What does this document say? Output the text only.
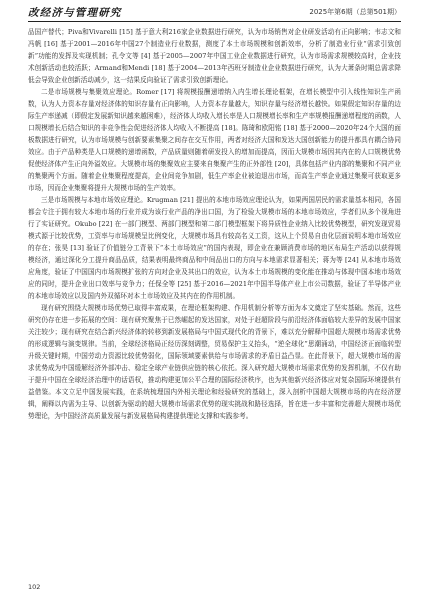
改经济与管理研究	2025年第6期（总第501期）

品国产替代；Piva和Vivarelli [15] 基于意大利216家企业数据进行研究，认为市场销售对企业研发活动有正向影响；韦志文和冯帆 [16] 基于2001—2016年中国27个制造业行业数据，测度了本土市场规模和创新效率，分析了制造业行业“需求引致创新”功能的发挥及实现机制；孔令文等 [4] 基于2005—2007年中国工业企业数据进行研究，认为市场需求规模较高时，企业技术创新活动也较活跃；Armand和Mendi [18] 基于2004—2013年西班牙制造业企业数据进行研究，认为大萧条时期总需求降低会导致企业创新活动减少，这一结果反向验证了需求引致创新理论。

二是市场规模与集聚效应理论。Romer [17] 将规模报酬递增纳入内生增长理论框架，在增长模型中引入线性知识生产函数，认为人力资本存量对经济体的知识存量有正向影响，人力资本存量越大，知识存量与经济增长越快。如果假定知识存量的边际生产率递减（即假定发展新知识越来越困难），经济体人均收入增长率是人口规模增长率和生产率规模报酬递增程度的函数，人口规模增长后结合知识的非竞争性会促进经济体人均收入不断提高 [18]。陈琦和欧阳铭 [18] 基于2000—2020年24个大国的面板数据进行研究，认为市场规模与创新要素集聚之间存在交互作用，两者对经济大国和发达大国创新能力的提升都具有耦合协同效应。由于产品种类是人口规模的递增函数，产品质量则随着研发投入的增加而提高，因而大规模市场因其内在的人口规模优势促使经济体产生正向外溢效应。大规模市场的集聚效应主要来自集聚产生的正外部性 [20]，具体包括产业内部的集聚和不同产业的集聚两个方面。随着企业集聚程度提高，企业间竞争加剧，低生产率企业被迫退出市场，而高生产率企业通过集聚可获取更多市场，因而企业集聚将提升大规模市场的生产效率。

三是市场规模与本地市场效应理论。Krugman [21] 提出的本地市场效应理论认为，如果两国居民的需求量基本相同，各国都会专注于拥有较大本地市场的行业并成为该行业产品的净出口国，为了检验大规模市场的本地市场效应，学者们从多个视角进行了实证研究。Okubo [22] 在一部门模型、两部门模型和第二部门模型框架下将异质性企业纳入比较优势模型，研究发现贸易模式源于比较优势，工资率与市场规模呈比例变化，大规模市场具有较高名义工资，这从上个贸易自由化层面说明本地市场效应的存在；张昊 [13] 验证了价值链分工背景下“本土市场效应”的国内表现，即企业在兼顾消费市场的地区布局生产活动以获得规模经济，通过深化分工提升商品品质，结果表明最终商品和中间品出口的方向与本地需求显著相关；蒋为等 [24] 从本地市场效应角度，验证了中国国内市场规模扩张的方向对企业及其出口的效应，认为本土市场规模的变化能在推动与体现中国本地市场效应的同时，提升企业出口效率与竞争力；任保全等 [25] 基于2016—2021年中国半导体产业上市公司数据，验证了半导体产业的本地市场效应以及国内外双循环对本土市场效应及其内在的作用机制。

现有研究围绕大规模市场优势已取得丰富成果，在理论框架构建、作用机制分析等方面为本文奠定了坚实基础。然而，这些研究仍存在进一步拓展的空间：现有研究聚焦于已然崛起的发达国家，对处于赶超阶段与前沿经济体面临较大差异的发展中国家关注较少；现有研究在结合新兴经济体的转移到新发展格局与中国式现代化的背景下，难以充分解释中国超大规模市场需求优势的形成逻辑与演变规律。当前，全球经济格局正经历深刻调整，贸易保护主义抬头，“逆全球化”思潮涌动，中国经济正面临转型升级关键时期，中国劳动力资源比较优势弱化，国际领域要素供给与市场需求的矛盾日益凸显。在此背景下，超大规模市场的需求优势成为中国缓解经济外部冲击、稳定全球产业链供应链的核心依托。深入研究超大规模市场需求优势的发挥机制，不仅有助于提升中国在全球经济治理中的话语权，推动构建更加公平合理的国际经济秩序，也为其他新兴经济体应对复杂国际环境提供有益借鉴。本文立足中国发展实践，在系统梳理国内外相关理论和经验研究的基础上，深入剖析中国超大规模市场的内在经济逻辑，阐释以内需为主导、以创新为驱动的超大规模市场需求优势的现实挑战和路径选择，旨在进一步丰富和完善超大规模市场优势理论，为中国经济高质量发展与新发展格局构建提供理论支撑和实践参考。

102
